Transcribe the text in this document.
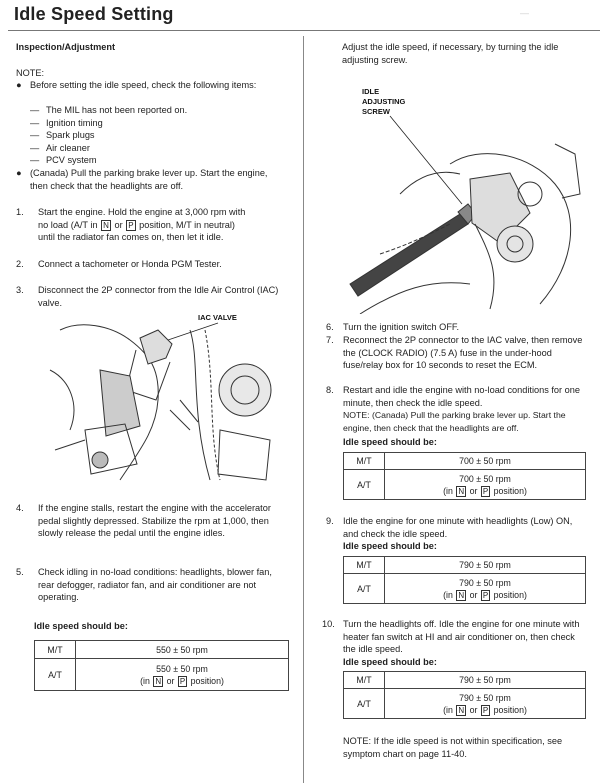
Idle Speed Setting	—
Inspection/Adjustment
NOTE:
● Before setting the idle speed, check the following items:
— The MIL has not been reported on.
— Ignition timing
— Spark plugs
— Air cleaner
— PCV system
● (Canada) Pull the parking brake lever up. Start the engine, then check that the headlights are off.
1.	Start the engine. Hold the engine at 3,000 rpm with
no load (A/T in N or P position, M/T in neutral)
until the radiator fan comes on, then let it idle.
2.	Connect a tachometer or Honda PGM Tester.
3.	Disconnect the 2P connector from the Idle Air Control (IAC) valve.
IAC VALVE
4.	If the engine stalls, restart the engine with the accelerator pedal slightly depressed. Stabilize the rpm at 1,000, then slowly release the pedal until the engine idles.
5.	Check idling in no-load conditions: headlights, blower fan, rear defogger, radiator fan, and air conditioner are not operating.
Idle speed should be:
M/T	550 ± 50 rpm
A/T	550 ± 50 rpm
(in N or P position)
Adjust the idle speed, if necessary, by turning the idle adjusting screw.
IDLE
ADJUSTING
SCREW
6.	Turn the ignition switch OFF.
7.	Reconnect the 2P connector to the IAC valve, then remove the (CLOCK RADIO) (7.5 A) fuse in the under-hood fuse/relay box for 10 seconds to reset the ECM.
8.	Restart and idle the engine with no-load conditions for one minute, then check the idle speed.
NOTE: (Canada) Pull the parking brake lever up. Start the engine, then check that the headlights are off.
Idle speed should be:
M/T	700 ± 50 rpm
A/T	700 ± 50 rpm
(in N or P position)
9.	Idle the engine for one minute with headlights (Low) ON, and check the idle speed.
Idle speed should be:
M/T	790 ± 50 rpm
A/T	790 ± 50 rpm
(in N or P position)
10. Turn the headlights off. Idle the engine for one minute with heater fan switch at HI and air conditioner on, then check the idle speed.
Idle speed should be:
M/T	790 ± 50 rpm
A/T	790 ± 50 rpm
(in N or P position)
NOTE: If the idle speed is not within specification, see symptom chart on page 11-40.
